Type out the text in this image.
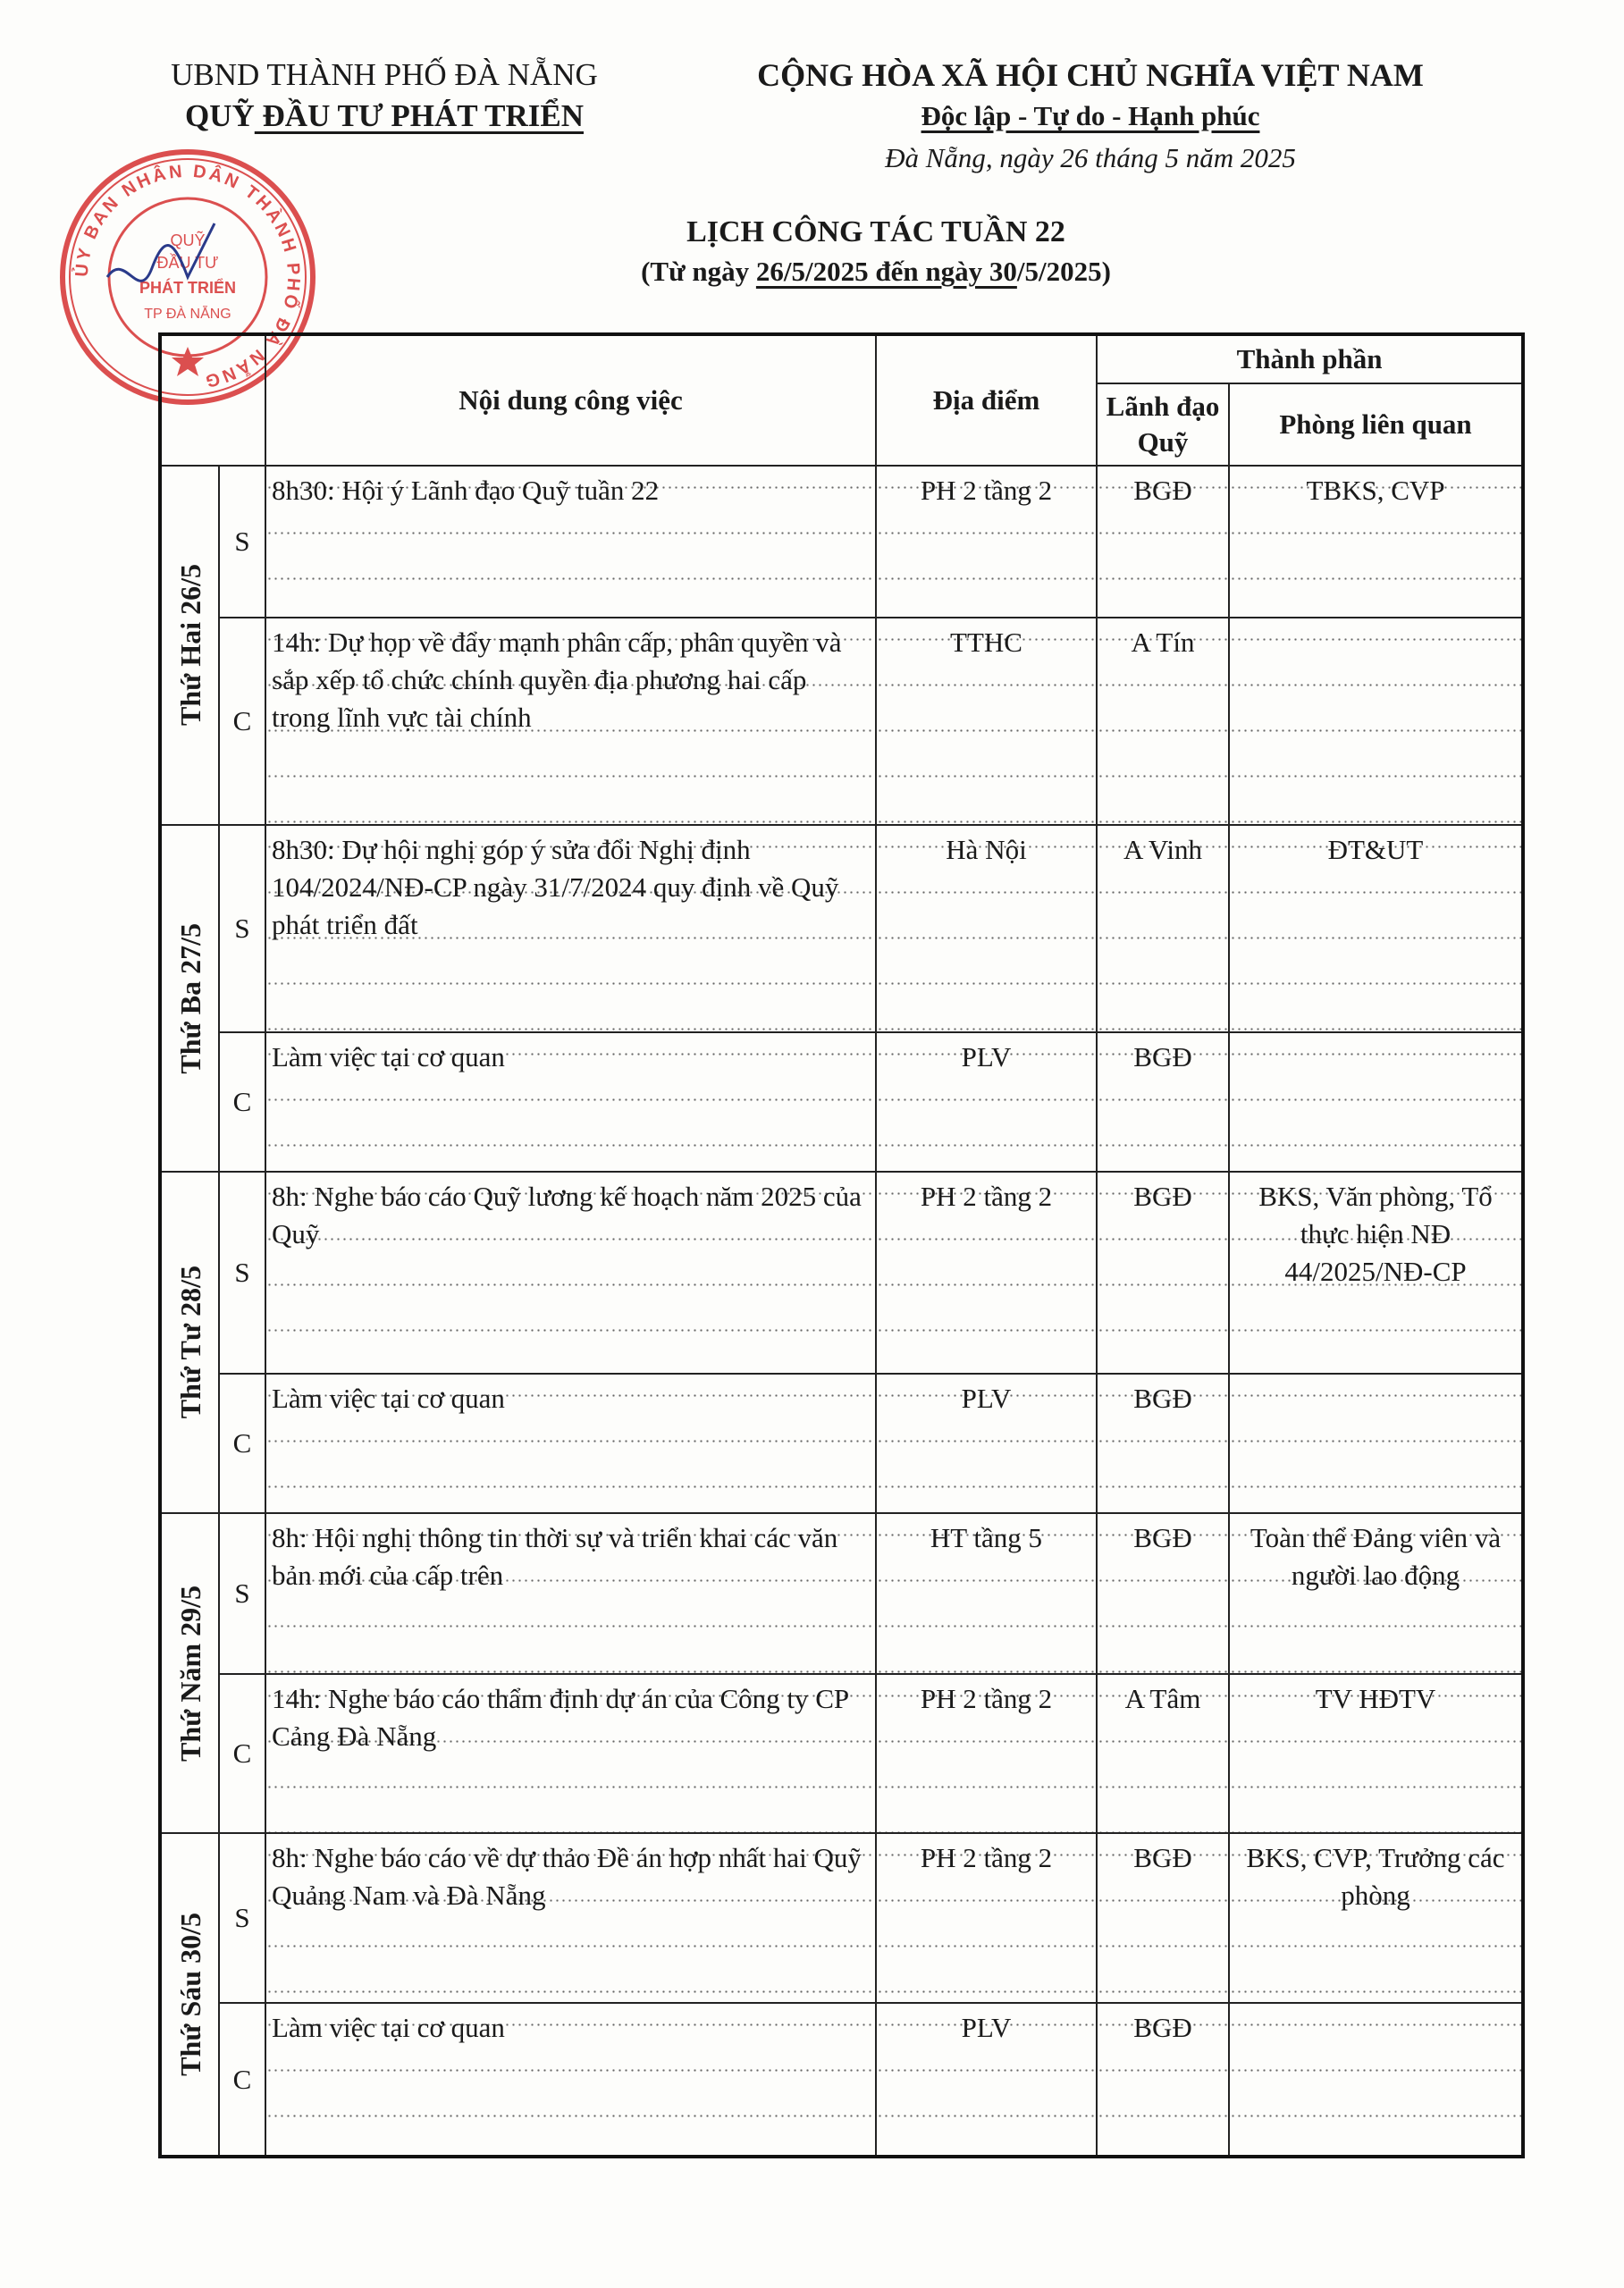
UBND THÀNH PHỐ ĐÀ NẴNG
QUỸ ĐẦU TƯ PHÁT TRIỂN
CỘNG HÒA XÃ HỘI CHỦ NGHĨA VIỆT NAM
Độc lập - Tự do - Hạnh phúc
Đà Nẵng, ngày 26 tháng 5 năm 2025
LỊCH CÔNG TÁC TUẦN 22
(Từ ngày 26/5/2025 đến ngày 30/5/2025)
ỦY BAN NHÂN DÂN THÀNH PHỐ ĐÀ NẴNG
QUỸ
ĐẦU TƯ
PHÁT TRIỂN
TP ĐÀ NẴNG
		Nội dung công việc	Địa điểm	Thành phần	
				Lãnh đạo Quỹ	Phòng liên quan
Thứ Hai 26/5	S	8h30: Hội ý Lãnh đạo Quỹ tuần 22	PH 2 tầng 2	BGĐ	TBKS, CVP

	C	14h: Dự họp về đẩy mạnh phân cấp, phân quyền và sắp xếp tổ chức chính quyền địa phương hai cấp trong lĩnh vực tài chính	TTHC	A Tín	

Thứ Ba 27/5	S	8h30: Dự hội nghị góp ý sửa đổi Nghị định 104/2024/NĐ-CP ngày 31/7/2024 quy định về Quỹ phát triển đất	Hà Nội	A Vinh	ĐT&UT

	C	Làm việc tại cơ quan	PLV	BGĐ	

Thứ Tư 28/5	S	8h: Nghe báo cáo Quỹ lương kế hoạch năm 2025 của Quỹ	PH 2 tầng 2	BGĐ	BKS, Văn phòng, Tổ thực hiện NĐ 44/2025/NĐ-CP

	C	Làm việc tại cơ quan	PLV	BGĐ	

Thứ Năm 29/5	S	8h: Hội nghị thông tin thời sự và triển khai các văn bản mới của cấp trên	HT tầng 5	BGĐ	Toàn thể Đảng viên và người lao động

	C	14h: Nghe báo cáo thẩm định dự án của Công ty CP Cảng Đà Nẵng	PH 2 tầng 2	A Tâm	TV HĐTV

Thứ Sáu 30/5	S	8h: Nghe báo cáo về dự thảo Đề án hợp nhất hai Quỹ Quảng Nam và Đà Nẵng	PH 2 tầng 2	BGĐ	BKS, CVP, Trưởng các phòng

	C	Làm việc tại cơ quan	PLV	BGĐ	
